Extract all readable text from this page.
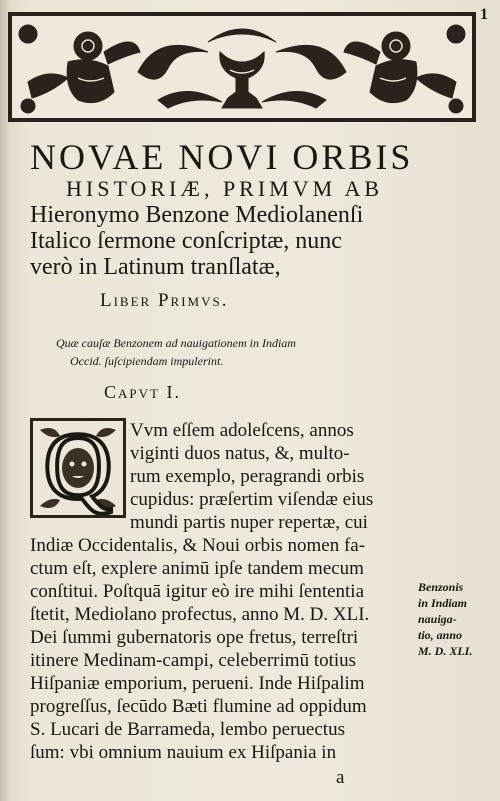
1
NOVAE NOVI ORBIS
HISTORIÆ, PRIMVM AB
Hieronymo Benzone Mediolanenſi
Italico ſermone conſcriptæ, nunc
verò in Latinum tranſlatæ,
Liber Primvs.
Quæ cauſæ Benzonem ad nauigationem in Indiam
Occid. ſuſcipiendam impulerint.
Capvt I.
Q Vvm eſſem adoleſcens, annos
viginti duos natus, &, multo-
rum exemplo, peragrandi orbis
cupidus: præſertim viſendæ eius
mundi partis nuper repertæ, cui
Indiæ Occidentalis, & Noui orbis nomen fa-
ctum eſt, explere animū ipſe tandem mecum
conſtitui. Poſtquā igitur eò ire mihi ſententia
ſtetit, Mediolano profectus, anno M. D. XLI.
Dei ſummi gubernatoris ope fretus, terreſtri
itinere Medinam-campi, celeberrimū totius
Hiſpaniæ emporium, perueni. Inde Hiſpalim
progreſſus, ſecūdo Bæti flumine ad oppidum
S. Lucari de Barrameda, lembo peruectus
Benzonis
in Indiam
nauiga-
tio, anno
M. D. XLI.
a
ſum: vbi omnium nauium ex Hiſpania in
